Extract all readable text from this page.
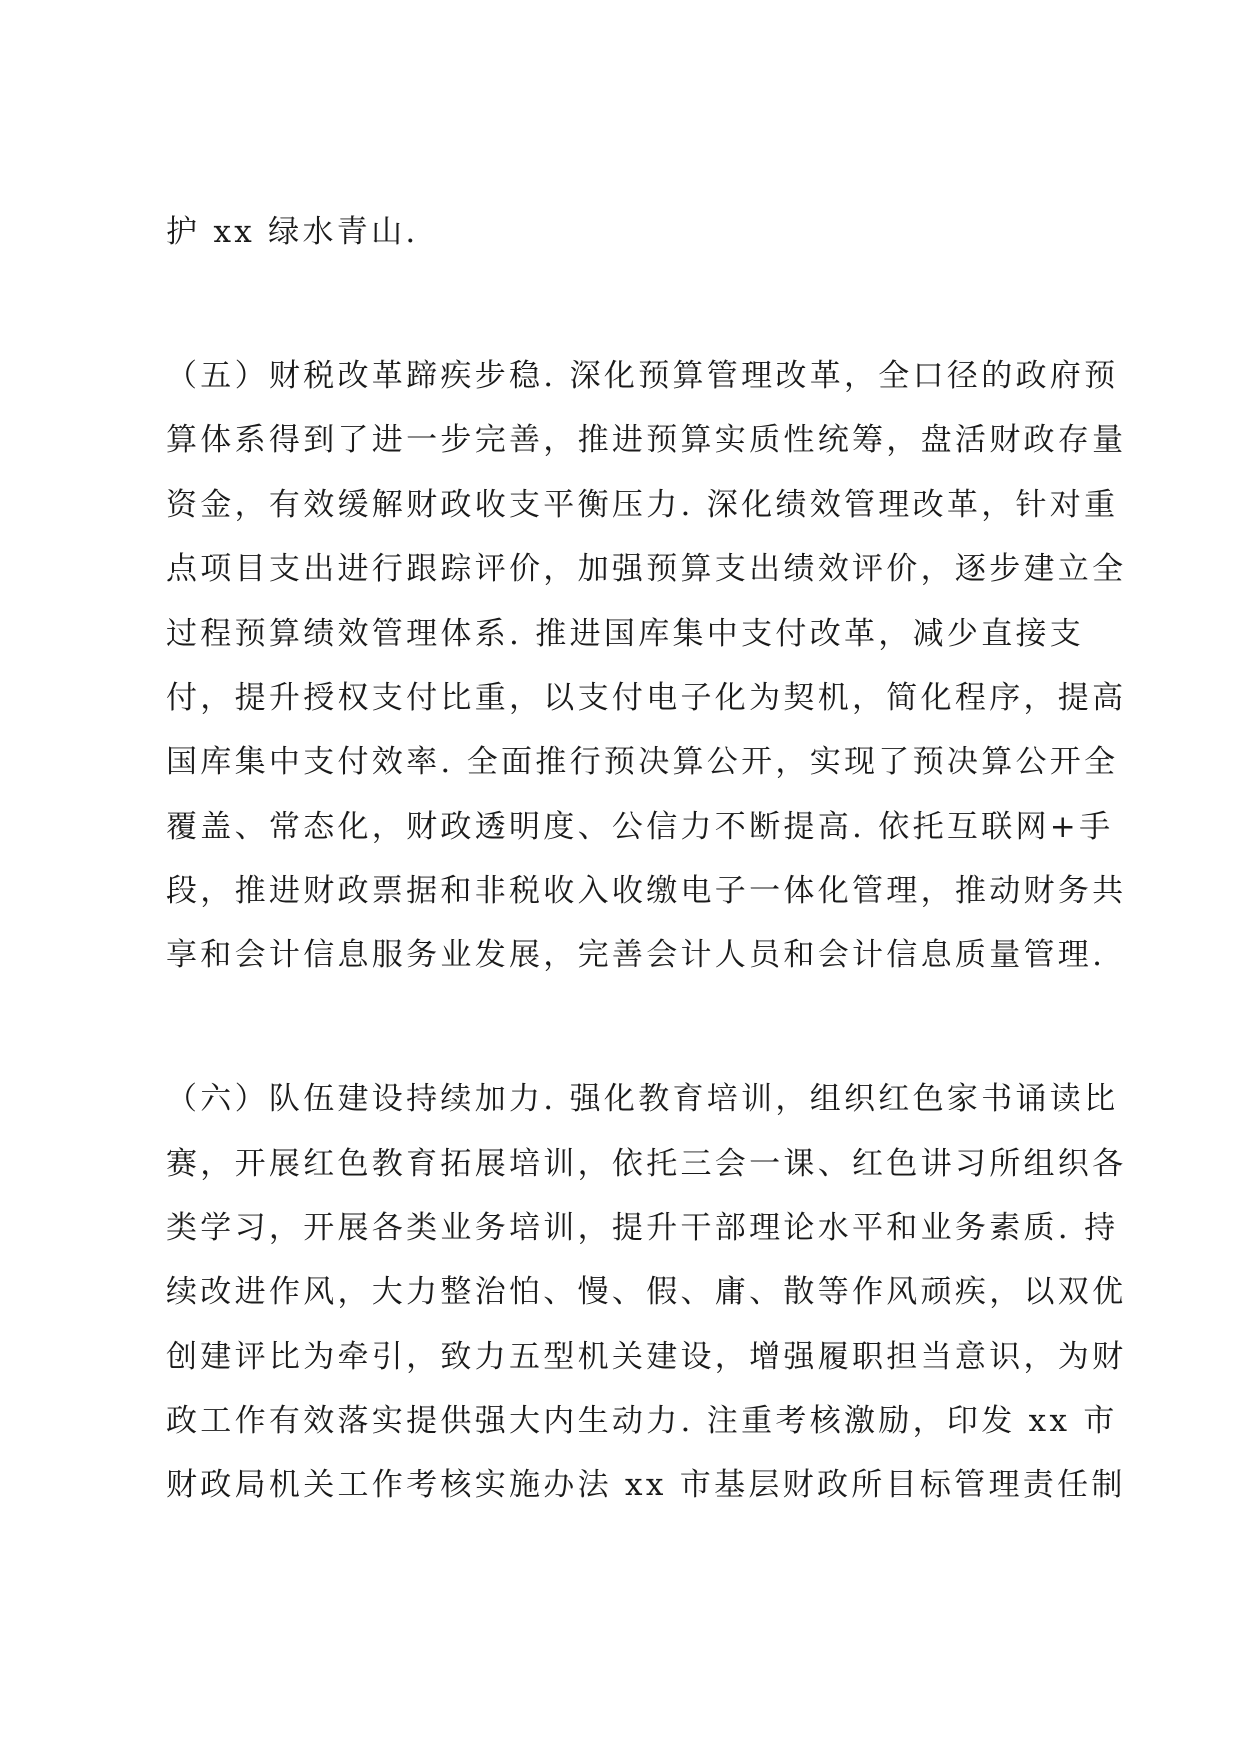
护 xx 绿水青山.
（五）财税改革蹄疾步稳. 深化预算管理改革，全口径的政府预
算体系得到了进一步完善，推进预算实质性统筹，盘活财政存量
资金，有效缓解财政收支平衡压力. 深化绩效管理改革，针对重
点项目支出进行跟踪评价，加强预算支出绩效评价，逐步建立全
过程预算绩效管理体系. 推进国库集中支付改革，减少直接支
付，提升授权支付比重，以支付电子化为契机，简化程序，提高
国库集中支付效率. 全面推行预决算公开，实现了预决算公开全
覆盖、常态化，财政透明度、公信力不断提高. 依托互联网+手
段，推进财政票据和非税收入收缴电子一体化管理，推动财务共
享和会计信息服务业发展，完善会计人员和会计信息质量管理.
（六）队伍建设持续加力. 强化教育培训，组织红色家书诵读比
赛，开展红色教育拓展培训，依托三会一课、红色讲习所组织各
类学习，开展各类业务培训，提升干部理论水平和业务素质. 持
续改进作风，大力整治怕、慢、假、庸、散等作风顽疾，以双优
创建评比为牵引，致力五型机关建设，增强履职担当意识，为财
政工作有效落实提供强大内生动力. 注重考核激励，印发 xx 市
财政局机关工作考核实施办法 xx 市基层财政所目标管理责任制
